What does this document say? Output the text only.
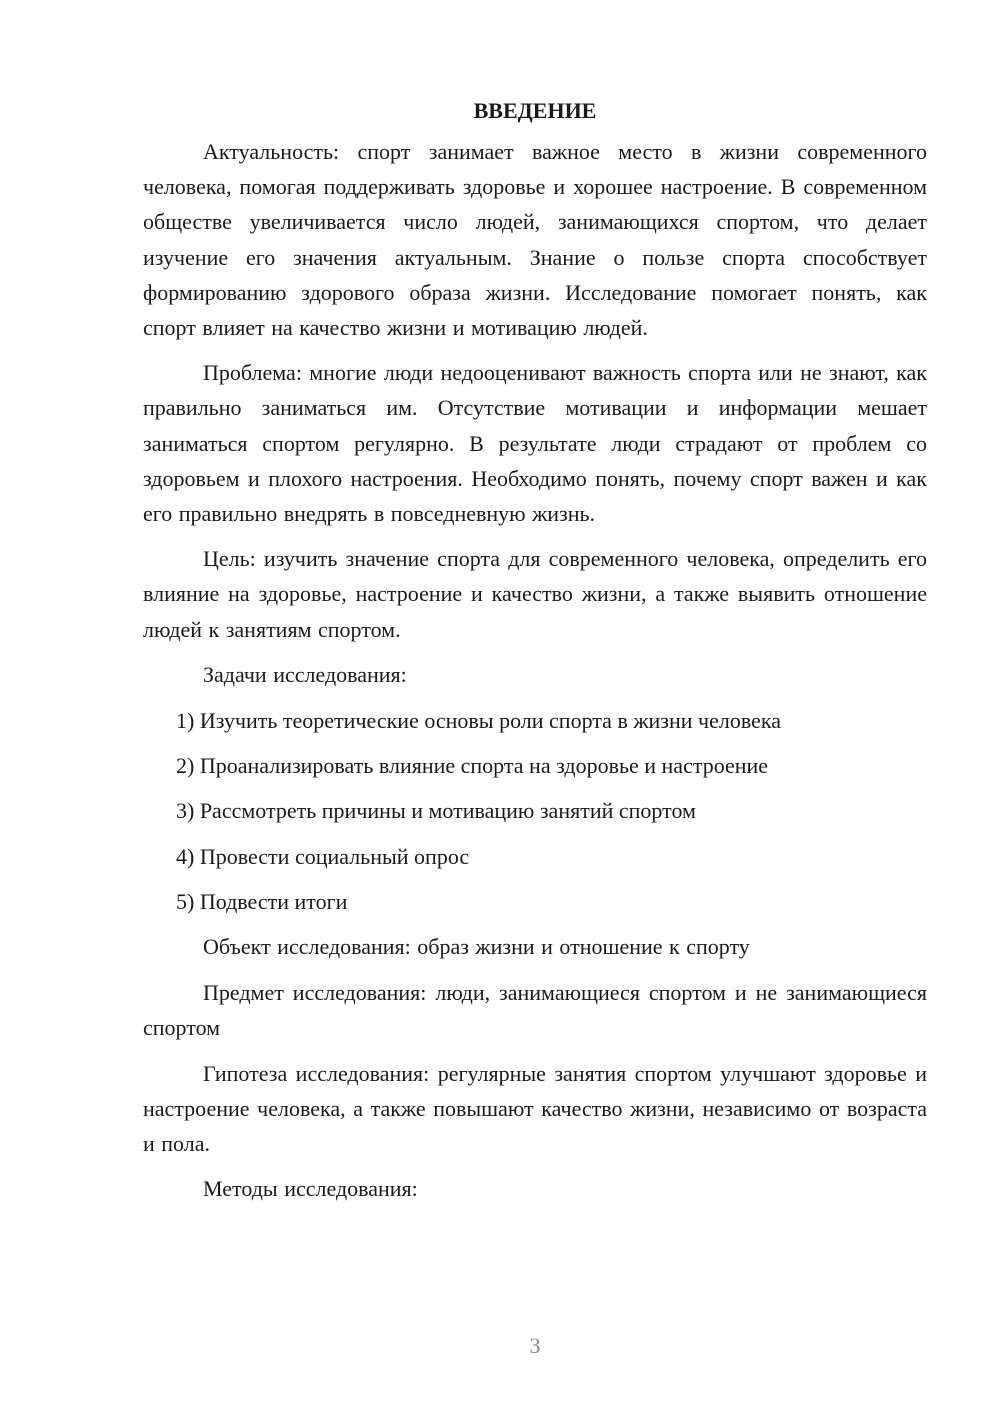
ВВЕДЕНИЕ

Актуальность: спорт занимает важное место в жизни современного человека, помогая поддерживать здоровье и хорошее настроение. В современном обществе увеличивается число людей, занимающихся спортом, что делает изучение его значения актуальным. Знание о пользе спорта способствует формированию здорового образа жизни. Исследование помогает понять, как спорт влияет на качество жизни и мотивацию людей.

Проблема: многие люди недооценивают важность спорта или не знают, как правильно заниматься им. Отсутствие мотивации и информации мешает заниматься спортом регулярно. В результате люди страдают от проблем со здоровьем и плохого настроения. Необходимо понять, почему спорт важен и как его правильно внедрять в повседневную жизнь.

Цель: изучить значение спорта для современного человека, определить его влияние на здоровье, настроение и качество жизни, а также выявить отношение людей к занятиям спортом.

Задачи исследования:

1) Изучить теоретические основы роли спорта в жизни человека
2) Проанализировать влияние спорта на здоровье и настроение
3) Рассмотреть причины и мотивацию занятий спортом
4) Провести социальный опрос
5) Подвести итоги

Объект исследования: образ жизни и отношение к спорту

Предмет исследования: люди, занимающиеся спортом и не занимающиеся спортом

Гипотеза исследования: регулярные занятия спортом улучшают здоровье и настроение человека, а также повышают качество жизни, независимо от возраста и пола.

Методы исследования:

3
